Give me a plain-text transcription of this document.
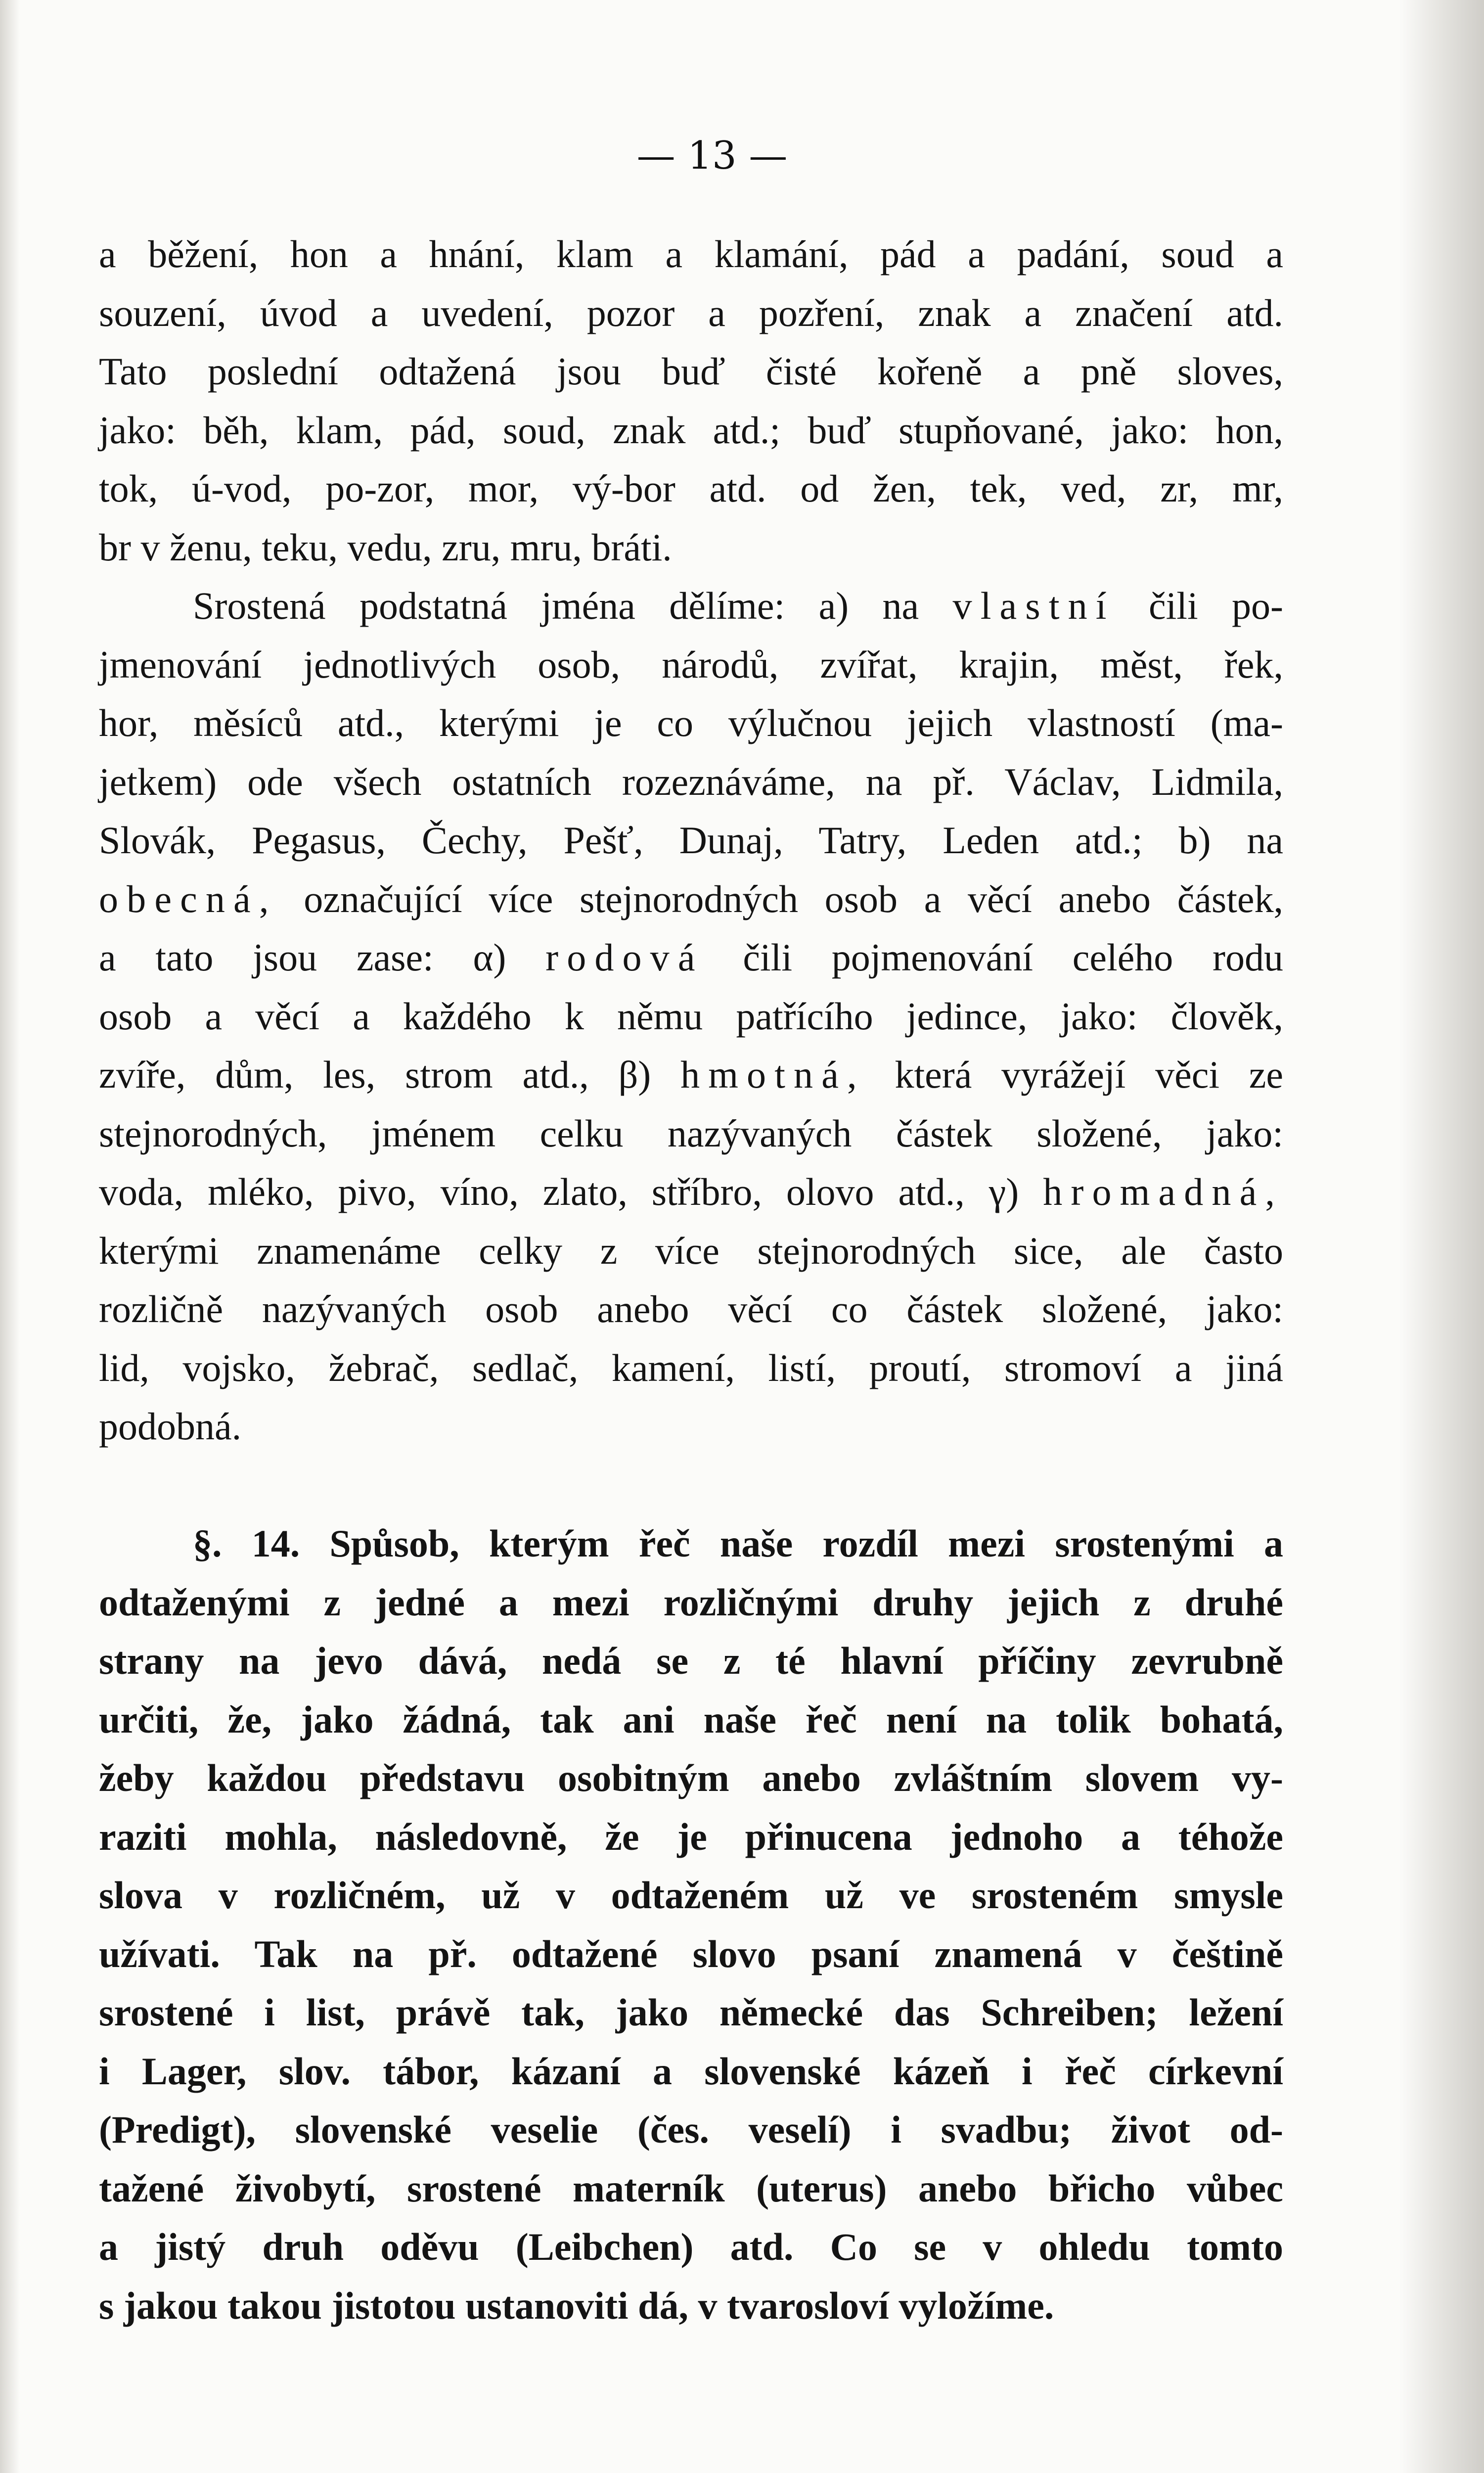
— 13 —
a běžení, hon a hnání, klam a klamání, pád a padání, soud a
souzení, úvod a uvedení, pozor a pozření, znak a značení atd.
Tato poslední odtažená jsou buď čisté kořeně a pně sloves,
jako: běh, klam, pád, soud, znak atd.; buď stupňované, jako: hon,
tok, ú-vod, po-zor, mor, vý-bor atd. od žen, tek, ved, zr, mr,
br v ženu, teku, vedu, zru, mru, bráti.
Srostená podstatná jména dělíme: a) na vlastní čili po-
jmenování jednotlivých osob, národů, zvířat, krajin, měst, řek,
hor, měsíců atd., kterými je co výlučnou jejich vlastností (ma-
jetkem) ode všech ostatních rozeznáváme, na př. Václav, Lidmila,
Slovák, Pegasus, Čechy, Pešť, Dunaj, Tatry, Leden atd.; b) na
obecná, označující více stejnorodných osob a věcí anebo částek,
a tato jsou zase: α) rodová čili pojmenování celého rodu
osob a věcí a každého k němu patřícího jedince, jako: člověk,
zvíře, dům, les, strom atd., β) hmotná, která vyrážejí věci ze
stejnorodných, jménem celku nazývaných částek složené, jako:
voda, mléko, pivo, víno, zlato, stříbro, olovo atd., γ) hromadná,
kterými znamenáme celky z více stejnorodných sice, ale často
rozličně nazývaných osob anebo věcí co částek složené, jako:
lid, vojsko, žebrač, sedlač, kamení, listí, proutí, stromoví a jiná
podobná.
§. 14. Spůsob, kterým řeč naše rozdíl mezi srostenými a
odtaženými z jedné a mezi rozličnými druhy jejich z druhé
strany na jevo dává, nedá se z té hlavní příčiny zevrubně
určiti, že, jako žádná, tak ani naše řeč není na tolik bohatá,
žeby každou představu osobitným anebo zvláštním slovem vy-
raziti mohla, následovně, že je přinucena jednoho a téhože
slova v rozličném, už v odtaženém už ve srosteném smysle
užívati. Tak na př. odtažené slovo psaní znamená v češtině
srostené i list, právě tak, jako německé das Schreiben; ležení
i Lager, slov. tábor, kázaní a slovenské kázeň i řeč církevní
(Predigt), slovenské veselie (čes. veselí) i svadbu; život od-
tažené živobytí, srostené materník (uterus) anebo břicho vůbec
a jistý druh oděvu (Leibchen) atd. Co se v ohledu tomto
s jakou takou jistotou ustanoviti dá, v tvarosloví vyložíme.
